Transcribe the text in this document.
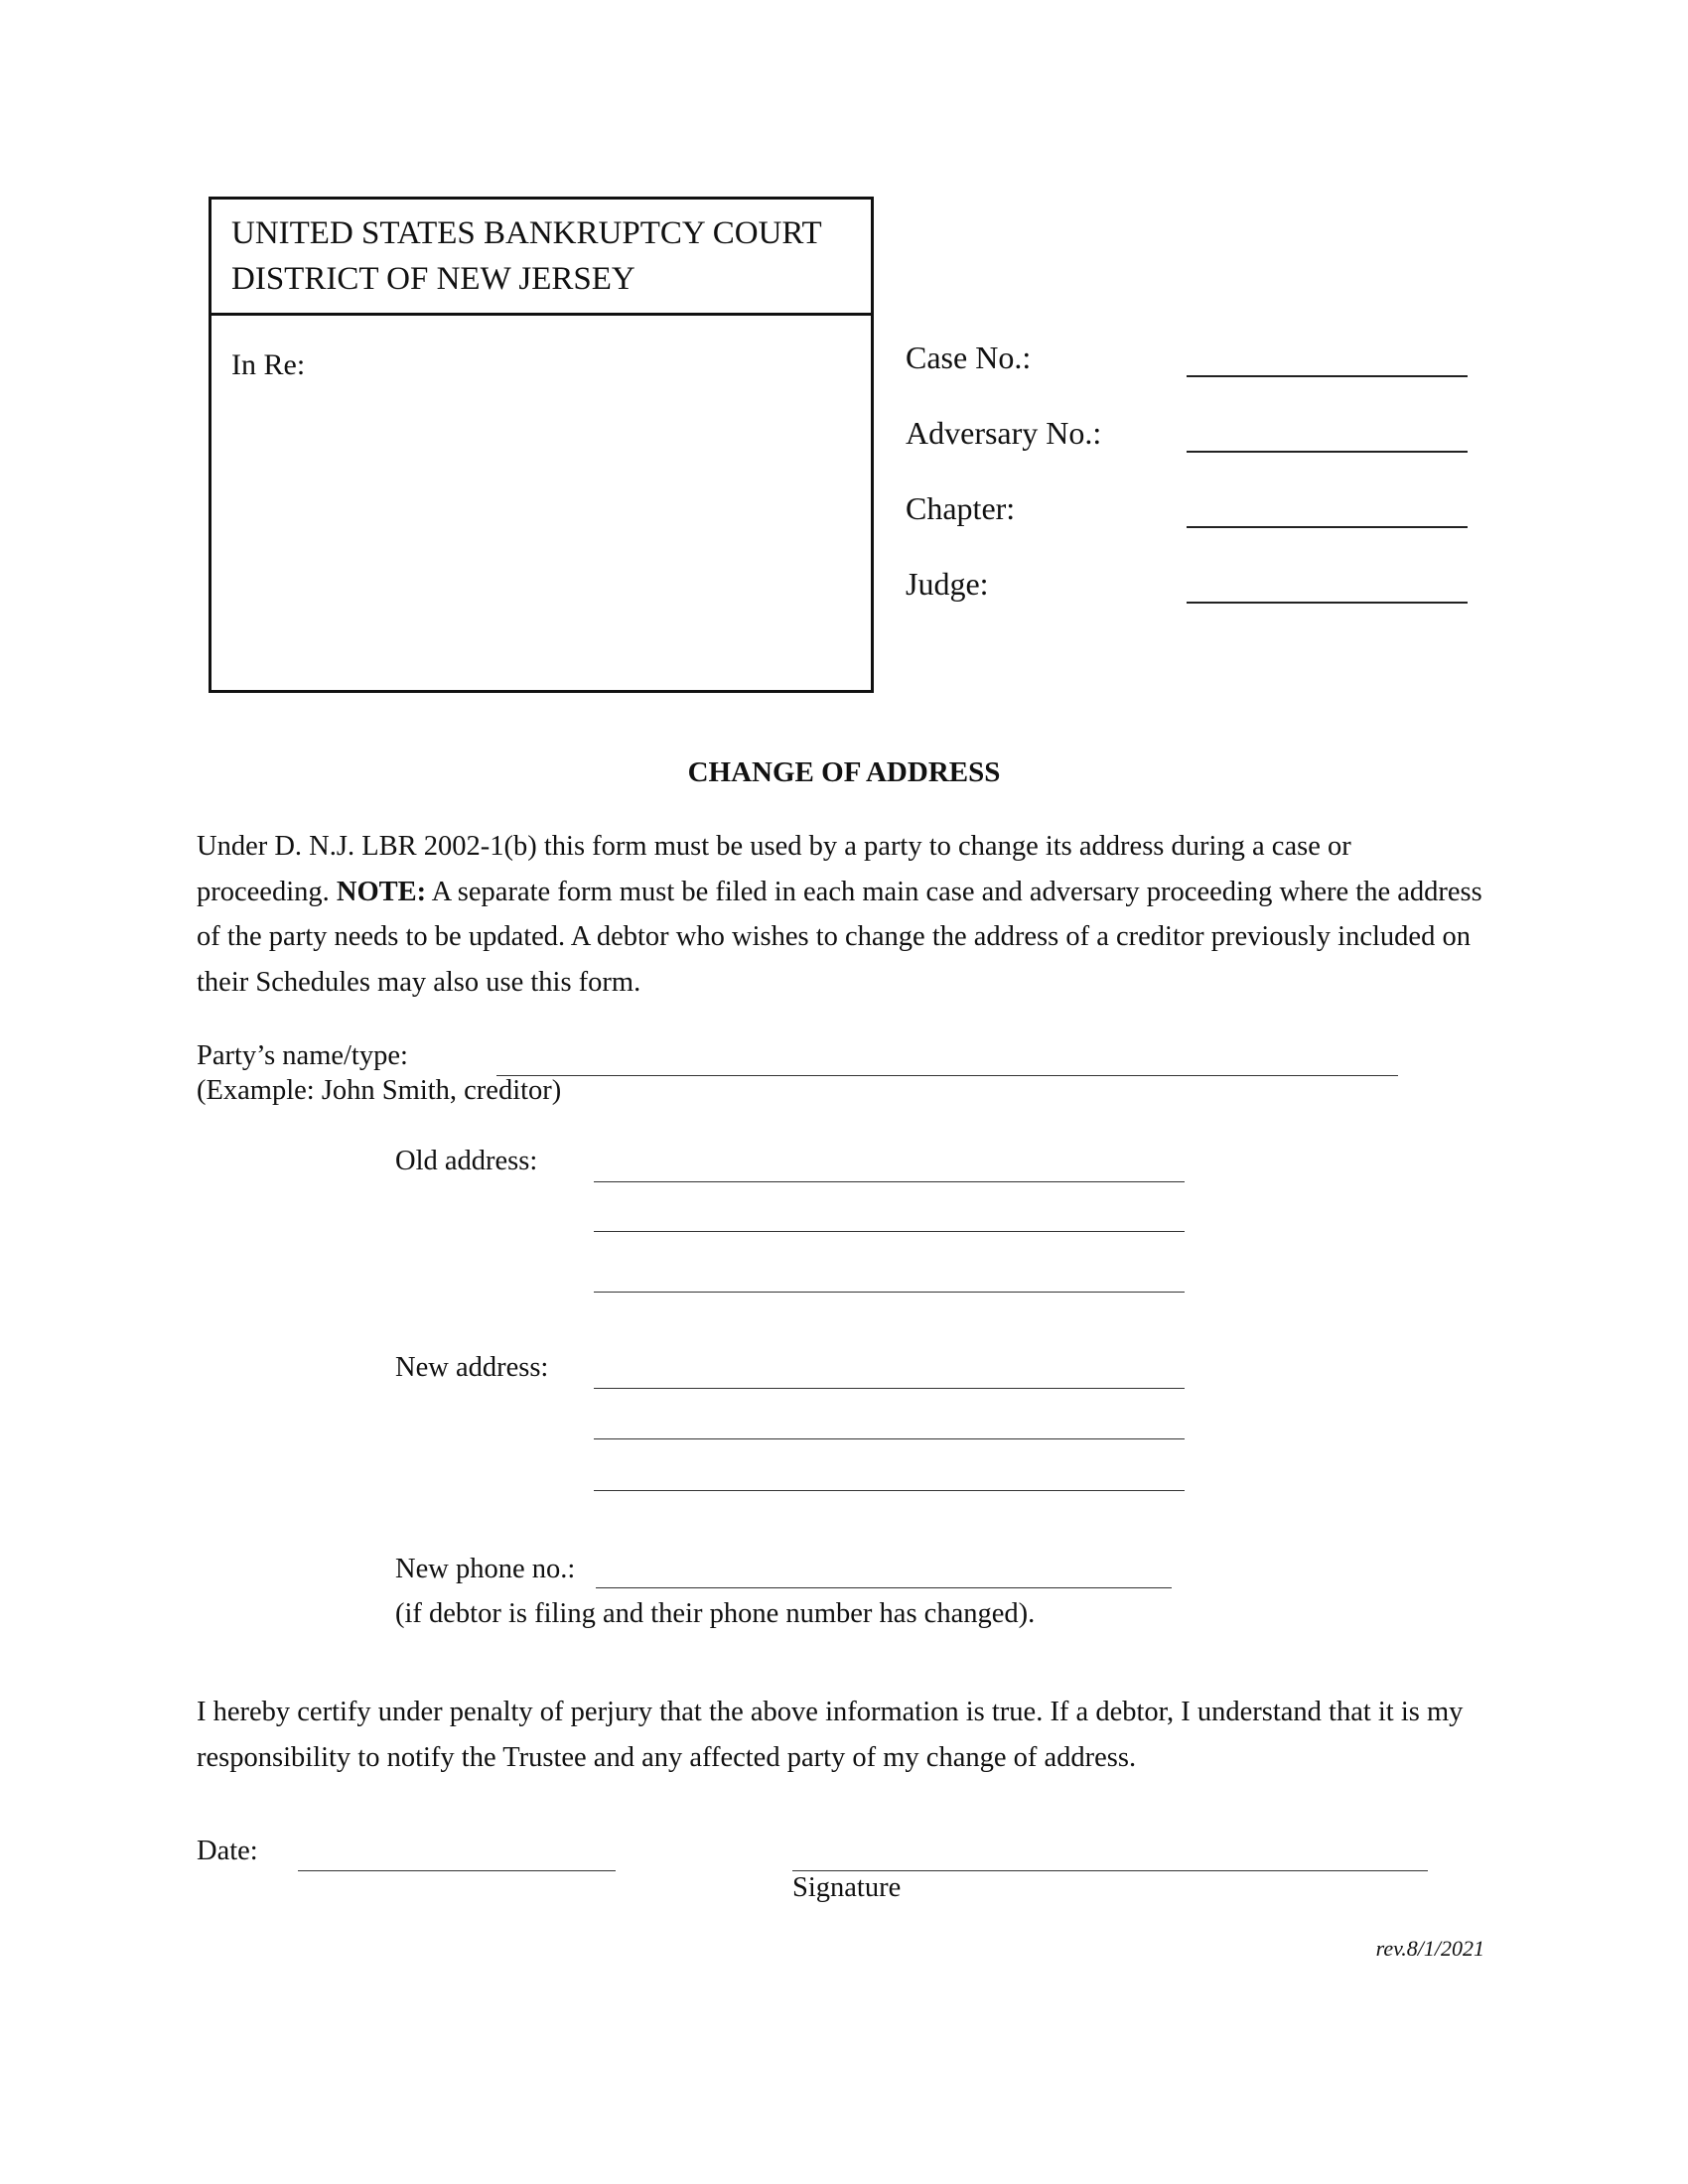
UNITED STATES BANKRUPTCY COURT
DISTRICT OF NEW JERSEY
In Re:	Case No.:
Adversary No.:
Chapter:
Judge:
CHANGE OF ADDRESS
Under D. N.J. LBR 2002-1(b) this form must be used by a party to change its address during a case or proceeding. NOTE: A separate form must be filed in each main case and adversary proceeding where the address of the party needs to be updated. A debtor who wishes to change the address of a creditor previously included on their Schedules may also use this form.
Party’s name/type:
(Example: John Smith, creditor)
Old address:
New address:
New phone no.:
(if debtor is filing and their phone number has changed).
I hereby certify under penalty of perjury that the above information is true. If a debtor, I understand that it is my responsibility to notify the Trustee and any affected party of my change of address.
Date:
Signature
rev.8/1/2021
